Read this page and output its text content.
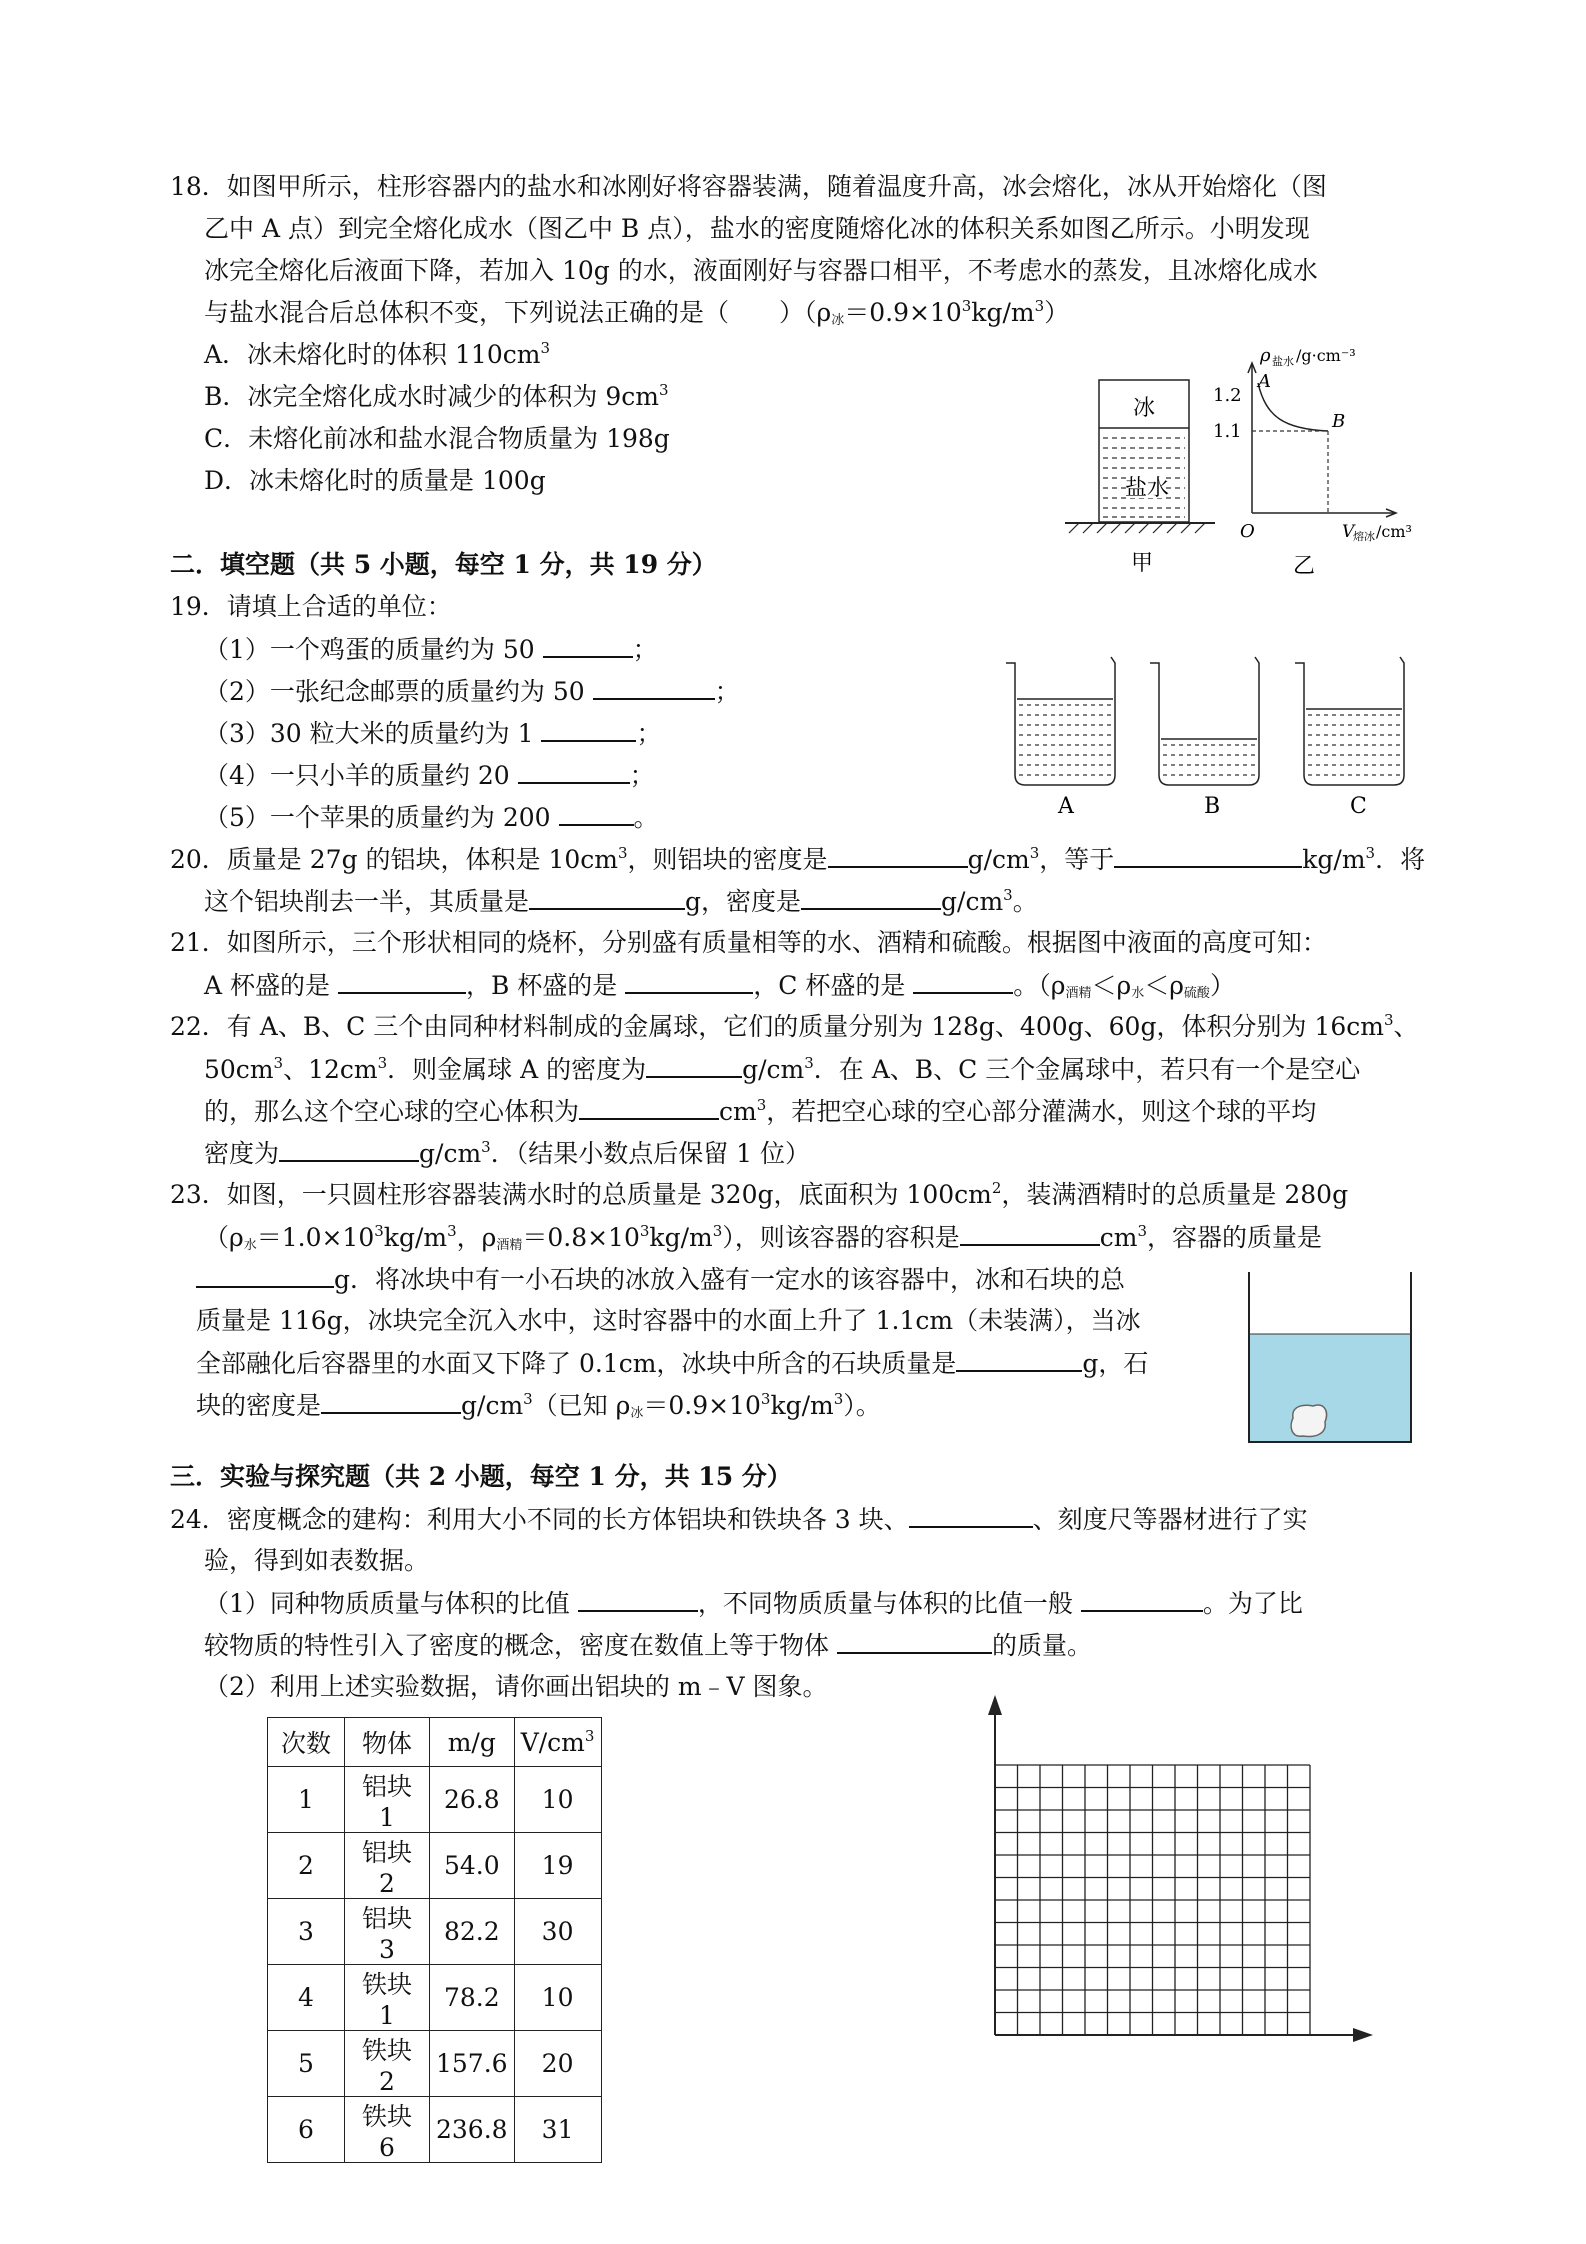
18．如图甲所示，柱形容器内的盐水和冰刚好将容器装满，随着温度升高，冰会熔化，冰从开始熔化（图
乙中 A 点）到完全熔化成水（图乙中 B 点），盐水的密度随熔化冰的体积关系如图乙所示。小明发现
冰完全熔化后液面下降，若加入 10g 的水，液面刚好与容器口相平，不考虑水的蒸发，且冰熔化成水
与盐水混合后总体积不变，下列说法正确的是（　　）$(\rho_冰=0.9\times 10^3kg/m^3)$
A．冰未熔化时的体积 $110cm^3$
B．冰完全熔化成水时减少的体积为 $9cm^3$
C．未熔化前冰和盐水混合物质量为 198g
D．冰未熔化时的质量是 100g
冰
盐水
甲
ρ 盐水 /g·cm⁻³
1.2
1.1
A
B
O	V
熔冰 /cm³
乙
二．填空题（共 5 小题，每空 1 分，共 19 分）
19．请填上合适的单位：
（1）一个鸡蛋的质量约为 50	；
（2）一张纪念邮票的质量约为 50	；
（3）30 粒大米的质量约为 1	；
（4）一只小羊的质量约 20	；
（5）一个苹果的质量约为 200	。	A	B	C
20．质量是 27g 的铝块，体积是 $10cm^3$，则铝块的密度是	$g/cm^3$，等于	$kg/m^3$．将
这个铝块削去一半，其质量是	g，密度是	$g/cm^3$。
21．如图所示，三个形状相同的烧杯，分别盛有质量相等的水、酒精和硫酸。根据图中液面的高度可知：
A 杯盛的是	，B 杯盛的是	，C 杯盛的是	。$(\rho_{酒精}<\rho_水<\rho_{硫酸})$
22．有 A、B、C 三个由同种材料制成的金属球，它们的质量分别为 128g、400g、60g，体积分别为 $16cm^3$、
$50cm^3$、$12cm^3$．则金属球 A 的密度为	$g/cm^3$．在 A、B、C 三个金属球中，若只有一个是空心
的，那么这个空心球的空心体积为	$cm^3$，若把空心球的空心部分灌满水，则这个球的平均
密度为	$g/cm^3$．（结果小数点后保留 1 位）
23．如图，一只圆柱形容器装满水时的总质量是 320g，底面积为 $100cm^2$，装满酒精时的总质量是 280g
（$\rho_水=1.0\times 10^3kg/m^3$，$\rho_{酒精}=0.8\times 10^3kg/m^3$），则该容器的容积是	$cm^3$，容器的质量是
g．将冰块中有一小石块的冰放入盛有一定水的该容器中，冰和石块的总
质量是 116g，冰块完全沉入水中，这时容器中的水面上升了 1.1cm（未装满），当冰
全部融化后容器里的水面又下降了 0.1cm，冰块中所含的石块质量是	g，石
块的密度是	$g/cm^3$（已知 $\rho_冰=0.9\times 10^3kg/m^3$）。
三．实验与探究题（共 2 小题，每空 1 分，共 15 分）
24．密度概念的建构：利用大小不同的长方体铝块和铁块各 3 块、	、刻度尺等器材进行了实
验，得到如表数据。
（1）同种物质质量与体积的比值	，不同物质质量与体积的比值一般	。为了比
较物质的特性引入了密度的概念，密度在数值上等于物体	的质量。
（2）利用上述实验数据，请你画出铝块的 m﹣V 图象。
次数	物体	m/g	$V/cm^3$
1	铝块 1	26.8	10
2	铝块 2	54.0	19
3	铝块 3	82.2	30
4	铁块 1	78.2	10
5	铁块 2	157.6	20
6	铁块 6	236.8	31
